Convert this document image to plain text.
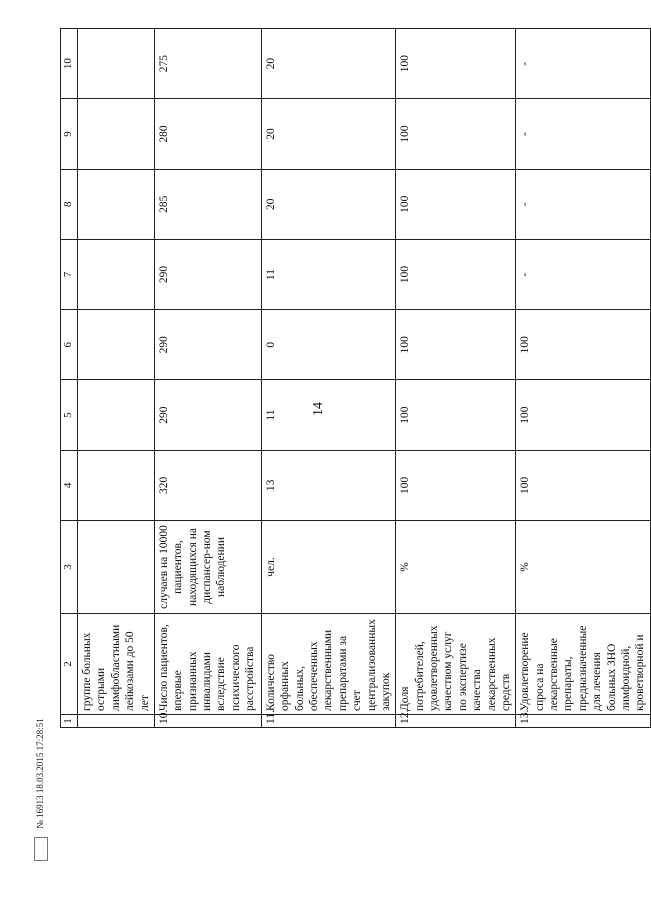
14
1	2	3	4	5	6	7	8	9	10
	группе больных острыми лимфобластными лейкозами до 50 лет								
10.	Число пациентов, впервые признанных инвалидами вследствие психического расстройства	случаев на 10000 пациентов, находящихся на диспансер-ном наблюдении	320	290	290	290	285	280	275
11.	Количество орфанных больных, обеспеченных лекарственными препаратами за счет централизованных закупок	чел.	13	11	0	11	20	20	20
12.	Доля потребителей, удовлетворенных качеством услуг по экспертизе качества лекарственных средств	%	100	100	100	100	100	100	100
13.	Удовлетворение спроса на лекарственные препараты, предназначенные для лечения больных ЗНО лимфоидной, кроветворной и	%	100	100	100	-	-	-	-
№ 16913 18.03.2015 17:28:51
